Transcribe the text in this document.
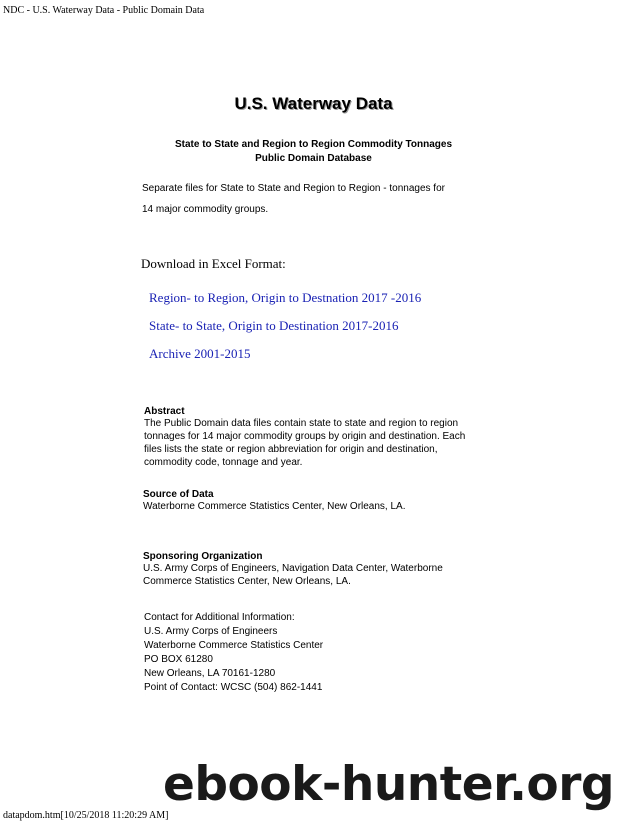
NDC - U.S. Waterway Data - Public Domain Data
U.S. Waterway Data
State to State and Region to Region Commodity Tonnages
Public Domain Database
Separate files for State to State and Region to Region - tonnages for
14 major commodity groups.
Download in Excel Format:
Region- to Region, Origin to Destnation 2017 -2016
State- to State, Origin to Destination 2017-2016
Archive 2001-2015
Abstract
The Public Domain data files contain state to state and region to region tonnages for 14 major commodity groups by origin and destination. Each files lists the state or region abbreviation for origin and destination, commodity code, tonnage and year.
Source of Data
Waterborne Commerce Statistics Center, New Orleans, LA.
Sponsoring Organization
U.S. Army Corps of Engineers, Navigation Data Center, Waterborne Commerce Statistics Center, New Orleans, LA.
Contact for Additional Information:
U.S. Army Corps of Engineers
Waterborne Commerce Statistics Center
PO BOX 61280
New Orleans, LA 70161-1280
Point of Contact: WCSC (504) 862-1441
ebook-hunter.org
datapdom.htm[10/25/2018 11:20:29 AM]
